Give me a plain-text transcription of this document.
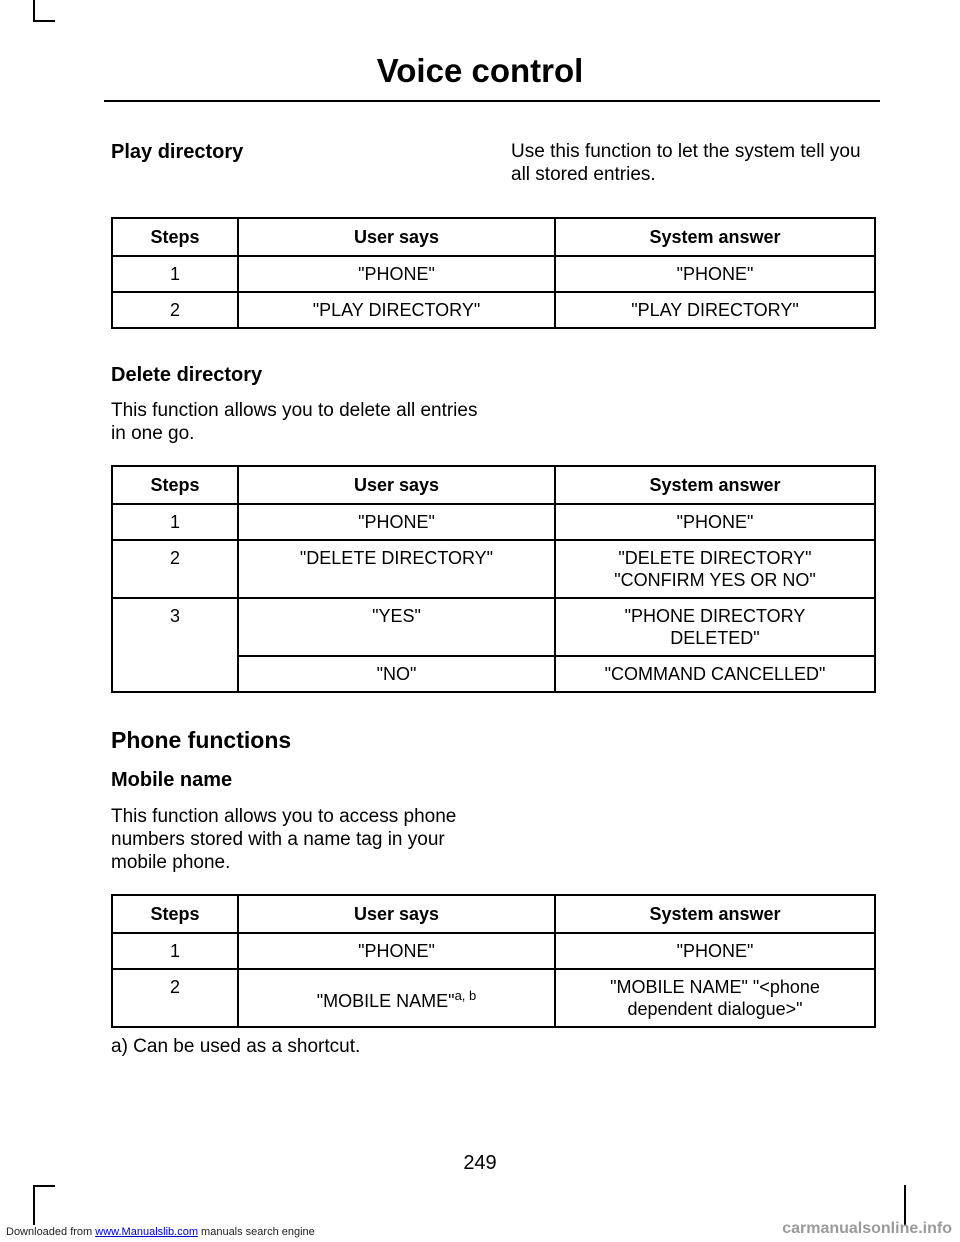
Voice control
Play directory	Use this function to let the system tell you all stored entries.
Steps	User says	System answer
1	"PHONE"	"PHONE"
2	"PLAY DIRECTORY"	"PLAY DIRECTORY"
Delete directory
This function allows you to delete all entries in one go.
Steps	User says	System answer
1	"PHONE"	"PHONE"
2	"DELETE DIRECTORY"	"DELETE DIRECTORY" "CONFIRM YES OR NO"
3	"YES"	"PHONE DIRECTORY DELETED"
	"NO"	"COMMAND CANCELLED"
Phone functions
Mobile name
This function allows you to access phone numbers stored with a name tag in your mobile phone.
Steps	User says	System answer
1	"PHONE"	"PHONE"
2	"MOBILE NAME"$^{a, b}$	"MOBILE NAME" "<phone dependent dialogue>"
a) Can be used as a shortcut.
249
Downloaded from www.Manualslib.com manuals search engine	carmanualsonline.info
